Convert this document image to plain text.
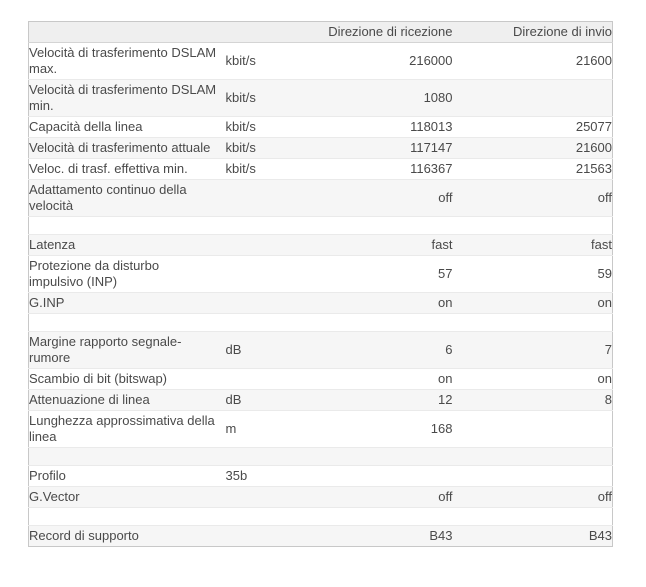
		Direzione di ricezione	Direzione di invio

Velocità di trasferimento DSLAM
max.	kbit/s	216000	21600

Velocità di trasferimento DSLAM
min.	kbit/s	1080	

Capacità della linea	kbit/s	118013	25077

Velocità di trasferimento attuale	kbit/s	117147	21600

Veloc. di trasf. effettiva min.	kbit/s	116367	21563

Adattamento continuo della
velocità		off	off

Latenza		fast	fast

Protezione da disturbo
impulsivo (INP)		57	59

G.INP		on	on

Margine rapporto segnale-
rumore	dB	6	7

Scambio di bit (bitswap)		on	on

Attenuazione di linea	dB	12	8

Lunghezza approssimativa della
linea	m	168	

Profilo	35b		

G.Vector		off	off

Record di supporto		B43	B43
